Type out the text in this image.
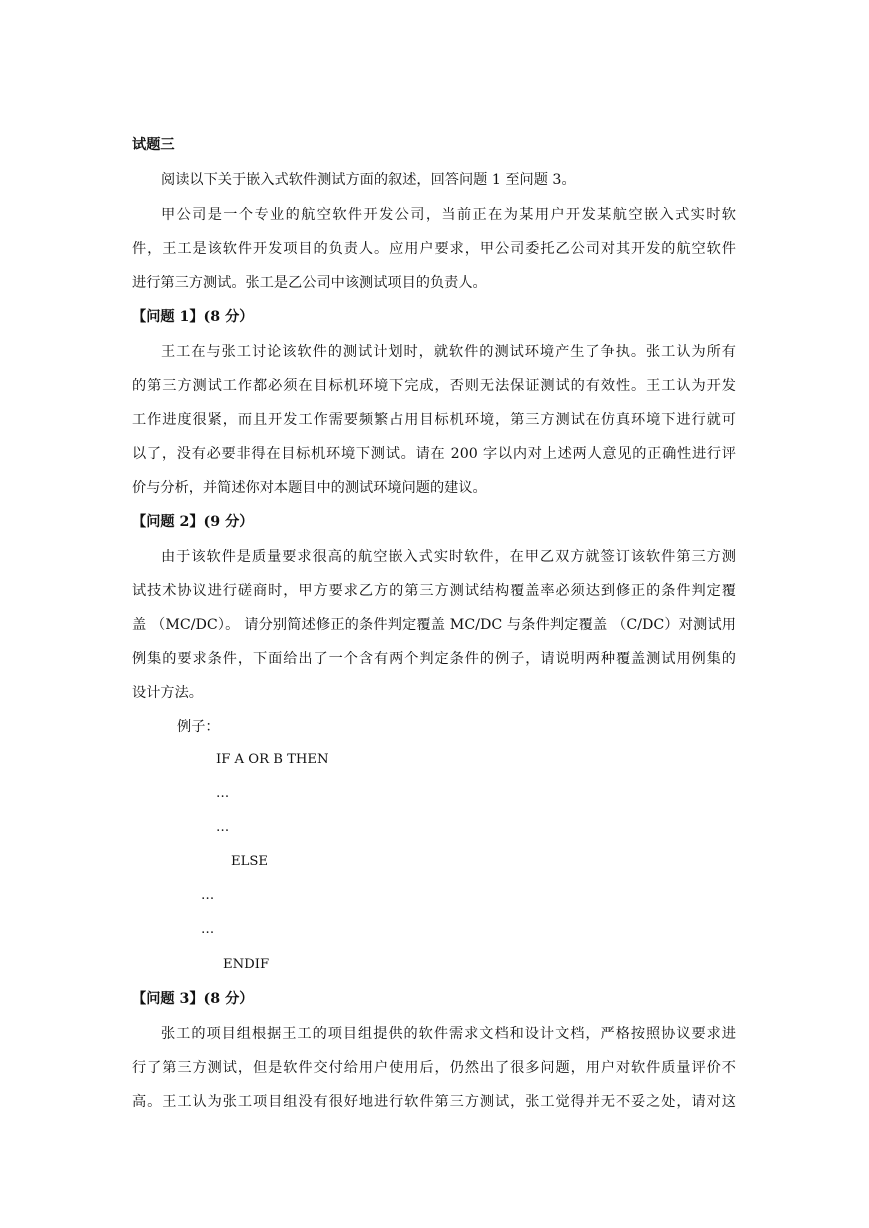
试题三
阅读以下关于嵌入式软件测试方面的叙述，回答问题 1 至问题 3。
甲公司是一个专业的航空软件开发公司，当前正在为某用户开发某航空嵌入式实时软
件，王工是该软件开发项目的负责人。应用户要求，甲公司委托乙公司对其开发的航空软件
进行第三方测试。张工是乙公司中该测试项目的负责人。
【问题 1】(8 分）
王工在与张工讨论该软件的测试计划时，就软件的测试环境产生了争执。张工认为所有
的第三方测试工作都必须在目标机环境下完成，否则无法保证测试的有效性。王工认为开发
工作进度很紧，而且开发工作需要频繁占用目标机环境，第三方测试在仿真环境下进行就可
以了，没有必要非得在目标机环境下测试。请在 200 字以内对上述两人意见的正确性进行评
价与分析，并简述你对本题目中的测试环境问题的建议。
【问题 2】(9 分）
由于该软件是质量要求很高的航空嵌入式实时软件，在甲乙双方就签订该软件第三方测
试技术协议进行磋商时，甲方要求乙方的第三方测试结构覆盖率必须达到修正的条件判定覆
盖 （MC/DC）。 请分别简述修正的条件判定覆盖 MC/DC 与条件判定覆盖 （C/DC）对测试用
例集的要求条件，下面给出了一个含有两个判定条件的例子，请说明两种覆盖测试用例集的
设计方法。
例子：
IF A OR B THEN
…
…
ELSE
…
…
ENDIF
【问题 3】(8 分）
张工的项目组根据王工的项目组提供的软件需求文档和设计文档，严格按照协议要求进
行了第三方测试，但是软件交付给用户使用后，仍然出了很多问题，用户对软件质量评价不
高。王工认为张工项目组没有很好地进行软件第三方测试，张工觉得并无不妥之处，请对这
